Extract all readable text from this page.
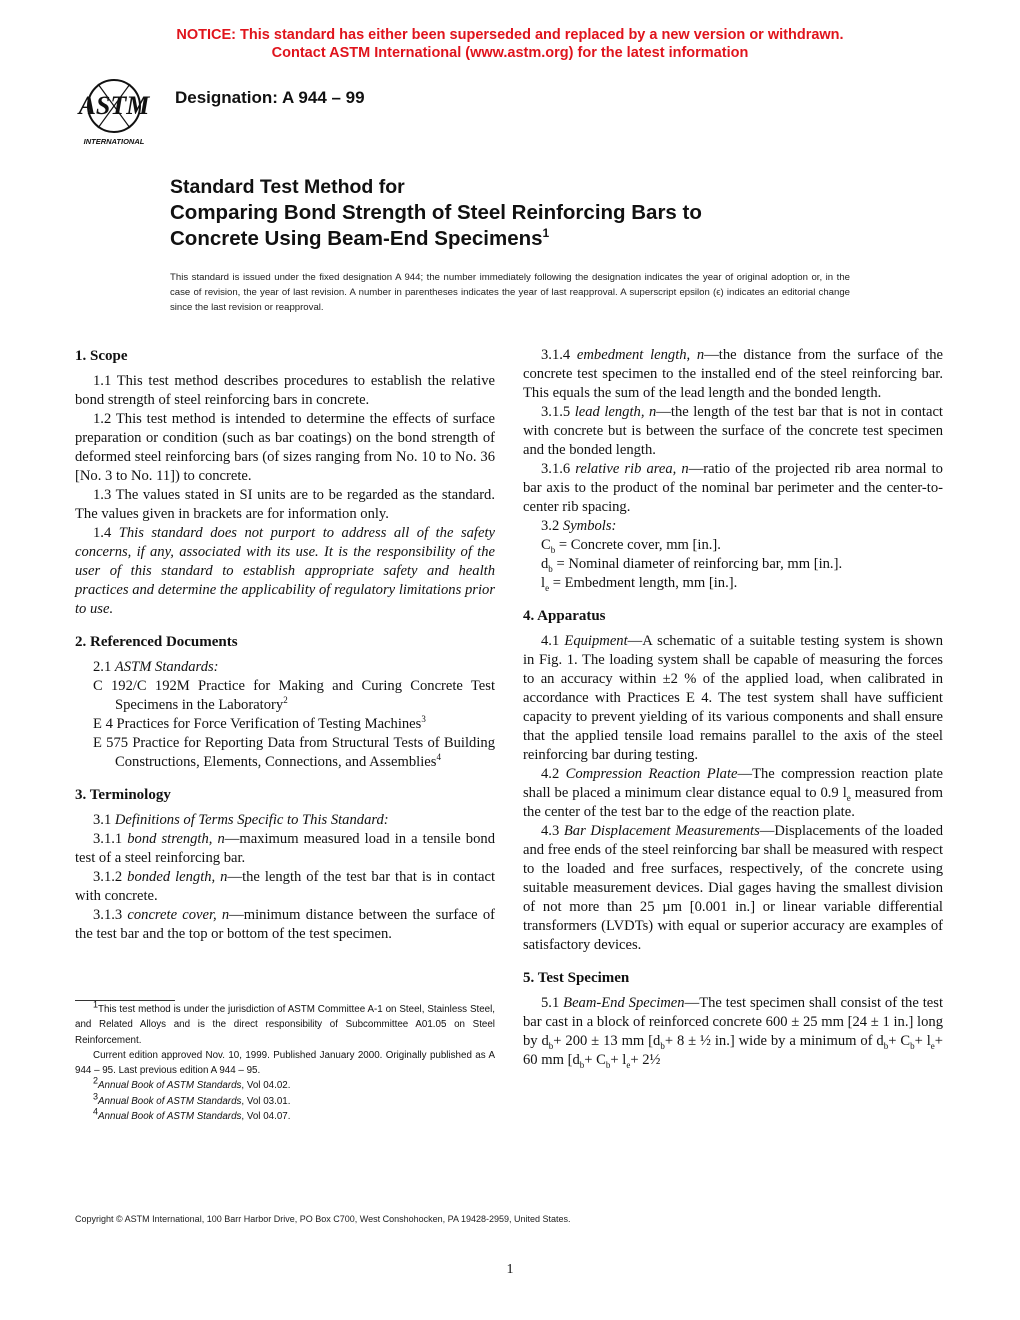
NOTICE: This standard has either been superseded and replaced by a new version or withdrawn.
Contact ASTM International (www.astm.org) for the latest information
ASTM
INTERNATIONAL
Designation: A 944 – 99
Standard Test Method for
Comparing Bond Strength of Steel Reinforcing Bars to
Concrete Using Beam-End Specimens$^1$
This standard is issued under the fixed designation A 944; the number immediately following the designation indicates the year of original adoption or, in the case of revision, the year of last revision. A number in parentheses indicates the year of last reapproval. A superscript epsilon (ϵ) indicates an editorial change since the last revision or reapproval.
1. Scope

1.1 This test method describes procedures to establish the relative bond strength of steel reinforcing bars in concrete.

1.2 This test method is intended to determine the effects of surface preparation or condition (such as bar coatings) on the bond strength of deformed steel reinforcing bars (of sizes ranging from No. 10 to No. 36 [No. 3 to No. 11]) to concrete.

1.3 The values stated in SI units are to be regarded as the standard. The values given in brackets are for information only.

1.4 This standard does not purport to address all of the safety concerns, if any, associated with its use. It is the responsibility of the user of this standard to establish appropriate safety and health practices and determine the applicability of regulatory limitations prior to use.

2. Referenced Documents

2.1 ASTM Standards:

C 192/C 192M Practice for Making and Curing Concrete Test Specimens in the Laboratory$^2$

E 4 Practices for Force Verification of Testing Machines$^3$

E 575 Practice for Reporting Data from Structural Tests of Building Constructions, Elements, Connections, and Assemblies$^4$

3. Terminology

3.1 Definitions of Terms Specific to This Standard:

3.1.1 bond strength, n—maximum measured load in a tensile bond test of a steel reinforcing bar.

3.1.2 bonded length, n—the length of the test bar that is in contact with concrete.

3.1.3 concrete cover, n—minimum distance between the surface of the test bar and the top or bottom of the test specimen.

$^1$This test method is under the jurisdiction of ASTM Committee A-1 on Steel, Stainless Steel, and Related Alloys and is the direct responsibility of Subcommittee A01.05 on Steel Reinforcement.

Current edition approved Nov. 10, 1999. Published January 2000. Originally published as A 944 – 95. Last previous edition A 944 – 95.

$^2$Annual Book of ASTM Standards, Vol 04.02.

$^3$Annual Book of ASTM Standards, Vol 03.01.

$^4$Annual Book of ASTM Standards, Vol 04.07.

3.1.4 embedment length, n—the distance from the surface of the concrete test specimen to the installed end of the steel reinforcing bar. This equals the sum of the lead length and the bonded length.

3.1.5 lead length, n—the length of the test bar that is not in contact with concrete but is between the surface of the concrete test specimen and the bonded length.

3.1.6 relative rib area, n—ratio of the projected rib area normal to bar axis to the product of the nominal bar perimeter and the center-to-center rib spacing.

3.2 Symbols:

$C_b$ = Concrete cover, mm [in.].

$d_b$ = Nominal diameter of reinforcing bar, mm [in.].

$l_e$ = Embedment length, mm [in.].

4. Apparatus

4.1 Equipment—A schematic of a suitable testing system is shown in Fig. 1. The loading system shall be capable of measuring the forces to an accuracy within ±2 % of the applied load, when calibrated in accordance with Practices E 4. The test system shall have sufficient capacity to prevent yielding of its various components and shall ensure that the applied tensile load remains parallel to the axis of the steel reinforcing bar during testing.

4.2 Compression Reaction Plate—The compression reaction plate shall be placed a minimum clear distance equal to 0.9 $l_e$ measured from the center of the test bar to the edge of the reaction plate.

4.3 Bar Displacement Measurements—Displacements of the loaded and free ends of the steel reinforcing bar shall be measured with respect to the loaded and free surfaces, respectively, of the concrete using suitable measurement devices. Dial gages having the smallest division of not more than 25 µm [0.001 in.] or linear variable differential transformers (LVDTs) with equal or superior accuracy are examples of satisfactory devices.

5. Test Specimen

5.1 Beam-End Specimen—The test specimen shall consist of the test bar cast in a block of reinforced concrete 600 ± 25 mm [24 ± 1 in.] long by $d_b+ 200 \pm 13$ mm [$d_b+ 8$ ± ½ in.] wide by a minimum of $d_b+ C_b+ l_e+ 60$ mm [$d_b+ C_b+ l_e+$ 2½

Copyright © ASTM International, 100 Barr Harbor Drive, PO Box C700, West Conshohocken, PA 19428-2959, United States.
1
